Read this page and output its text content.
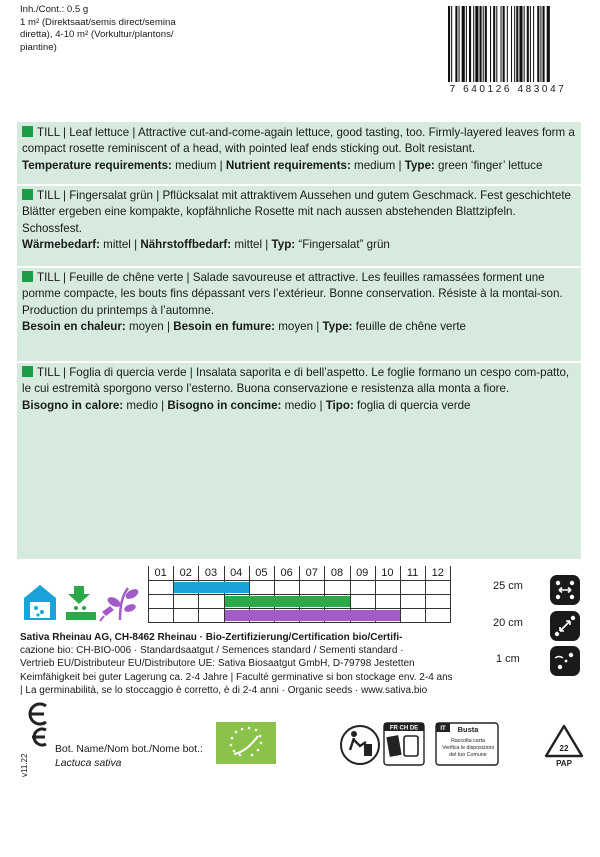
Inh./Cont.: 0.5 g
1 m² (Direktsaat/semis direct/semina
diretta), 4-10 m² (Vorkultur/plantons/
piantine)
7 640126 483047
TILL | Leaf lettuce | Attractive cut-and-come-again lettuce, good tasting, too. Firmly-layered leaves form a compact rosette reminiscent of a head, with pointed leaf ends sticking out. Bolt resistant.
Temperature requirements: medium | Nutrient requirements: medium | Type: green ‘finger’ lettuce
TILL | Fingersalat grün | Pflücksalat mit attraktivem Aussehen und gutem Geschmack. Fest geschichtete Blätter ergeben eine kompakte, kopfähnliche Rosette mit nach aussen abstehenden Blattzipfeln. Schossfest.
Wärmebedarf: mittel | Nährstoffbedarf: mittel | Typ: “Fingersalat” grün
TILL | Feuille de chêne verte | Salade savoureuse et attractive. Les feuilles ramassées forment une pomme compacte, les bouts fins dépassant vers l’extérieur. Bonne conservation. Résiste à la montai-son. Production du printemps à l’automne.
Besoin en chaleur: moyen | Besoin en fumure: moyen | Type: feuille de chêne verte
TILL | Foglia di quercia verde | Insalata saporita e di bell’aspetto. Le foglie formano un cespo com-patto, le cui estremità sporgono verso l’esterno. Buona conservazione e resistenza alla monta a fiore.
Bisogno in calore: medio | Bisogno in concime: medio | Tipo: foglia di quercia verde
01	02	03	04	05	06	07	08	09	10	11	12
25 cm
20 cm
1 cm
Sativa Rheinau AG, CH-8462 Rheinau · Bio-Zertifizierung/Certification bio/Certifi-
cazione bio: CH-BIO-006 · Standardsaatgut / Semences standard / Sementi standard ·
Vertrieb EU/Distributeur EU/Distributore UE: Sativa Biosaatgut GmbH, D-79798 Jestetten
Keimfähigkeit bei guter Lagerung ca. 2-4 Jahre | Faculté germinative si bon stockage env. 2-4 ans
| La germinabilità, se lo stoccaggio è corretto, è di 2-4 anni · Organic seeds · www.sativa.bio
v11.22
Bot. Name/Nom bot./Nome bot.:
Lactuca sativa
FR CH DE	IT Busta
Raccolta carta
Verifica le disposizioni
del tuo Comune
22
PAP
